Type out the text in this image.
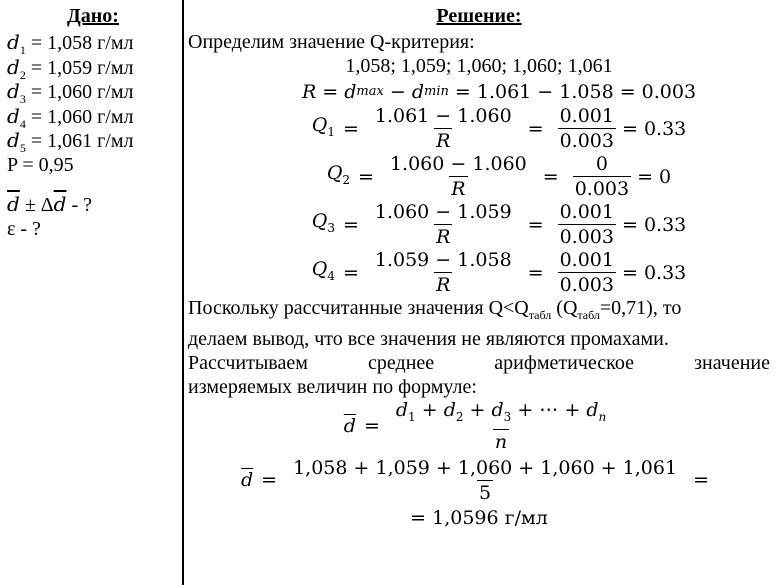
Дано:
$d_1 = 1,058$ г/мл
$d_2 = 1,059$ г/мл
$d_3 = 1,060$ г/мл
$d_4 = 1,060$ г/мл
$d_5 = 1,061$ г/мл
P = 0,95
$\overline{d} \pm \Delta\overline{d}$ - ?
ε - ?
Решение:
Определим значение Q-критерия:
1,058; 1,059; 1,060; 1,060; 1,061
R = d max − d min = 1.061 − 1.058 = 0.003
$Q_1 = \frac{1.061 - 1.060}{R} = \frac{0.001}{0.003} = 0.33$
$Q_2 = \frac{1.060 - 1.060}{R} = \frac{0}{0.003} = 0$
$Q_3 = \frac{1.060 - 1.059}{R} = \frac{0.001}{0.003} = 0.33$
$Q_4 = \frac{1.059 - 1.058}{R} = \frac{0.001}{0.003} = 0.33$
Поскольку рассчитанные значения $Q<Q_{табл}$ $(Q_{табл}=0,71)$, то
делаем вывод, что все значения не являются промахами.
Рассчитываем	среднее	арифметическое	значение
измеряемых величин по формуле:
$\overline{d} = \frac{d_1 + d_2 + d_3 + \cdots + d_n}{n}$
$\overline{d} = \frac{1,058 + 1,059 + 1,060 + 1,060 + 1,061}{5}$ =
= 1,0596 г/мл
